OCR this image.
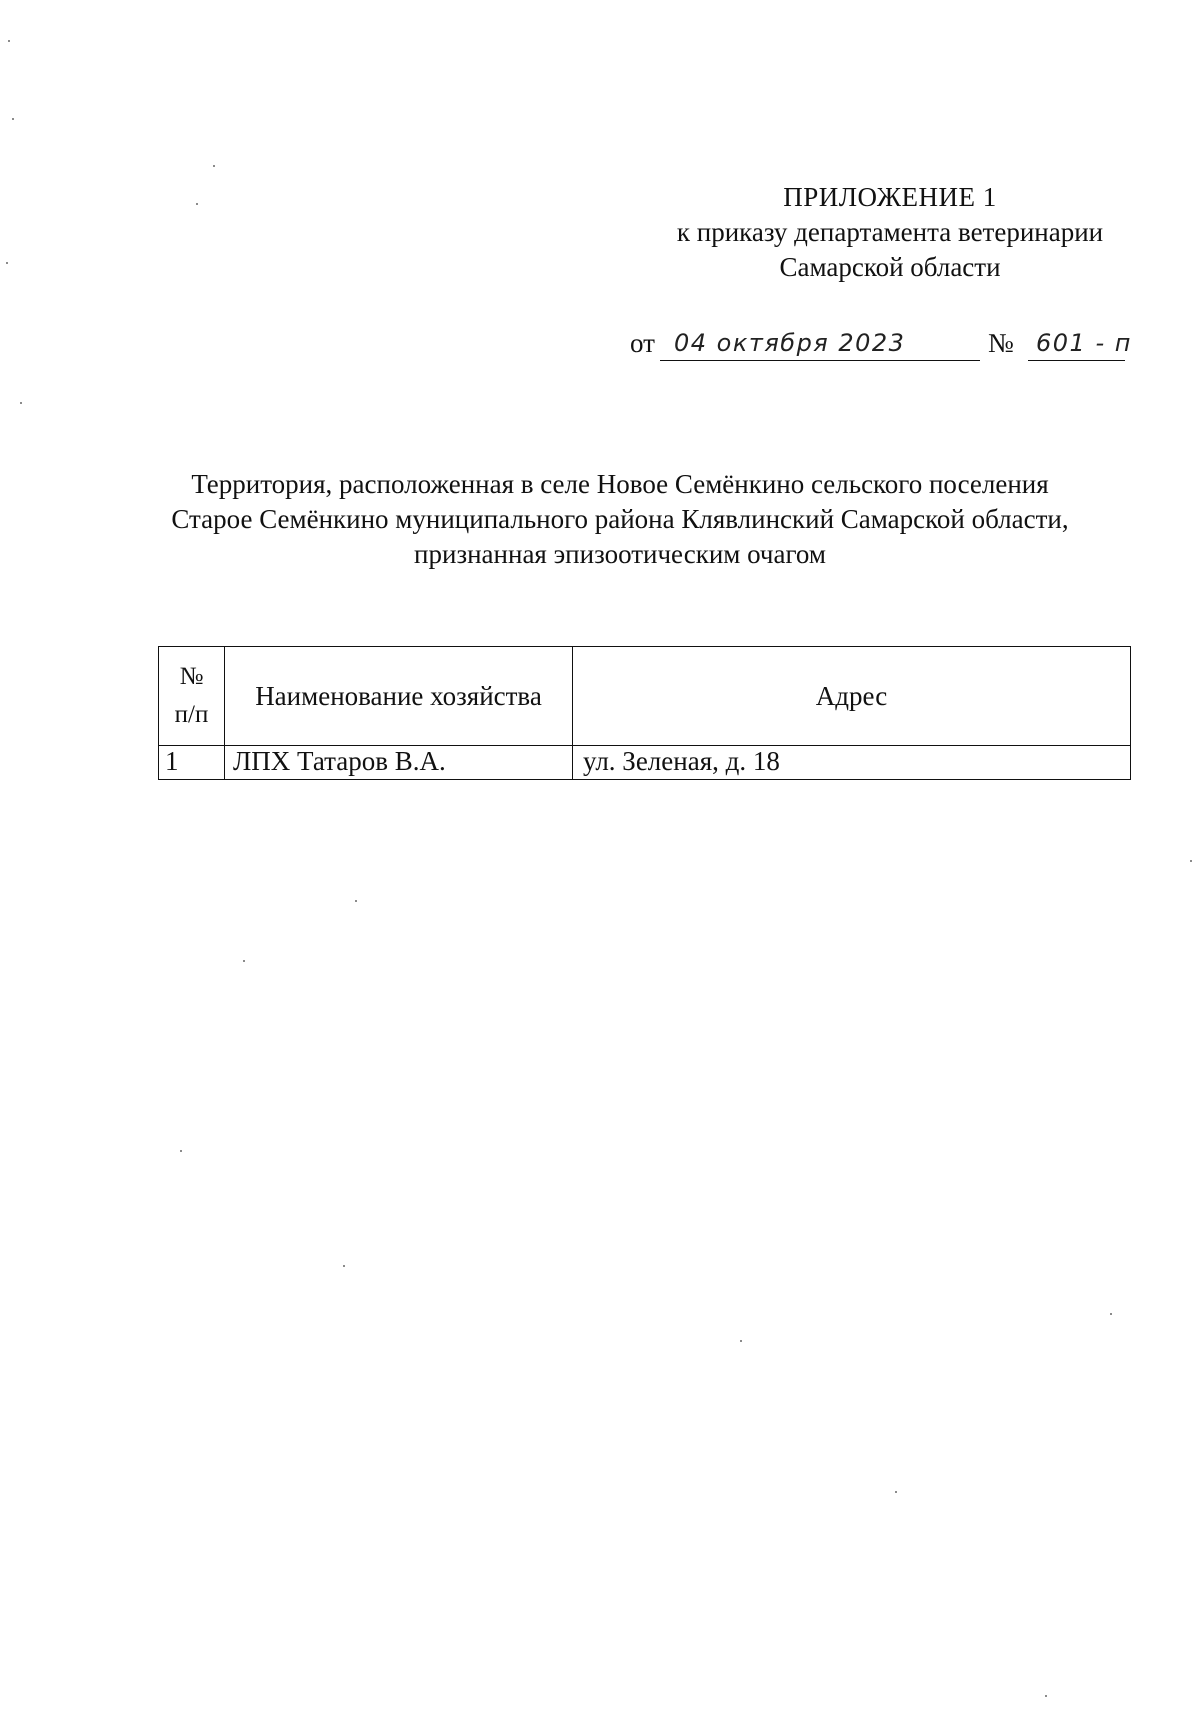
ПРИЛОЖЕНИЕ 1
к приказу департамента ветеринарии
Самарской области
от 04 октября 2023	№ 601 - п
Территория, расположенная в селе Новое Семёнкино сельского поселения
Старое Семёнкино муниципального района Клявлинский Самарской области,
признанная эпизоотическим очагом
№
п/п	Наименование хозяйства	Адрес
1	ЛПХ Татаров В.А.	ул. Зеленая, д. 18
